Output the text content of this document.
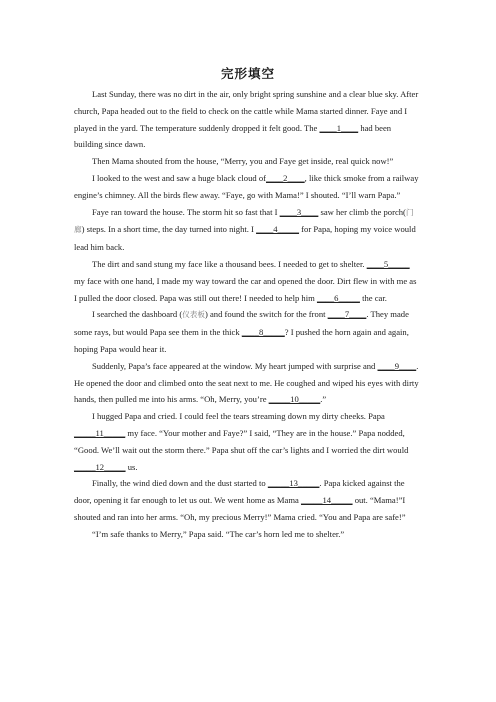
完形填空

Last Sunday, there was no dirt in the air, only bright spring sunshine and a clear blue sky. After church, Papa headed out to the field to check on the cattle while Mama started dinner. Faye and I played in the yard. The temperature suddenly dropped it felt good. The ____1____ had been building since dawn.

Then Mama shouted from the house, “Merry, you and Faye get inside, real quick now!”

I looked to the west and saw a huge black cloud of____2____, like thick smoke from a railway engine’s chimney. All the birds flew away. “Faye, go with Mama!” I shouted. “I’ll warn Papa.”

Faye ran toward the house. The storm hit so fast that I ____3____ saw her climb the porch(门廊) steps. In a short time, the day turned into night. I ____4_____ for Papa, hoping my voice would lead him back.

The dirt and sand stung my face like a thousand bees. I needed to get to shelter. ____5_____ my face with one hand, I made my way toward the car and opened the door. Dirt flew in with me as I pulled the door closed. Papa was still out there! I needed to help him ____6_____ the car.

I searched the dashboard (仪表板) and found the switch for the front ____7____. They made some rays, but would Papa see them in the thick ____8_____? I pushed the horn again and again, hoping Papa would hear it.

Suddenly, Papa’s face appeared at the window. My heart jumped with surprise and ____9____. He opened the door and climbed onto the seat next to me. He coughed and wiped his eyes with dirty hands, then pulled me into his arms. “Oh, Merry, you’re _____10_____.”

I hugged Papa and cried. I could feel the tears streaming down my dirty cheeks. Papa _____11_____ my face. “Your mother and Faye?” I said, “They are in the house.” Papa nodded, “Good. We’ll wait out the storm there.” Papa shut off the car’s lights and I worried the dirt would _____12_____ us.

Finally, the wind died down and the dust started to _____13_____. Papa kicked against the door, opening it far enough to let us out. We went home as Mama _____14_____ out. “Mama!”I shouted and ran into her arms. “Oh, my precious Merry!” Mama cried. “You and Papa are safe!”

“I’m safe thanks to Merry,” Papa said. “The car’s horn led me to shelter.”
